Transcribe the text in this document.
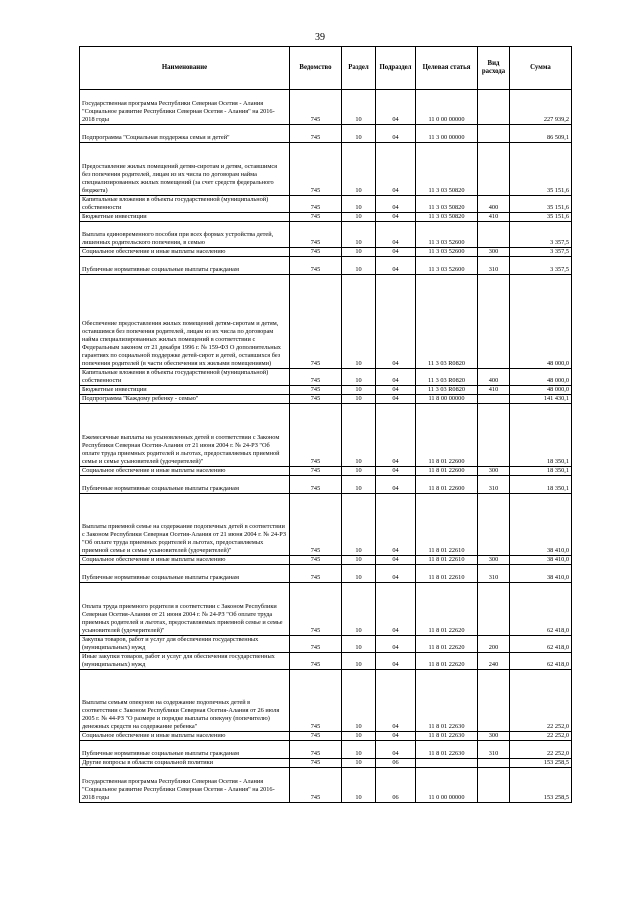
39
Наименование	Ведомство	Раздел	Подраздел	Целевая статья	Вид расхода	Сумма
Государственная программа Республики Северная Осетия - Алания "Социальное развитие Республики Северная Осетия - Алания" на 2016-2018 годы	745	10	04	11 0 00 00000		227 939,2
Подпрограмма "Социальная поддержка семьи и детей"	745	10	04	11 3 00 00000		86 509,1
Предоставление жилых помещений детям-сиротам и детям, оставшимся без попечения родителей, лицам из их числа по договорам найма специализированных жилых помещений (за счет средств федерального бюджета)	745	10	04	11 3 03 50820		35 151,6
Капитальные вложения в объекты государственной (муниципальной) собственности	745	10	04	11 3 03 50820	400	35 151,6
Бюджетные инвестиции	745	10	04	11 3 03 50820	410	35 151,6
Выплата единовременного пособия при всех формах устройства детей, лишенных родительского попечения, в семью	745	10	04	11 3 03 52600		3 357,5
Социальное обеспечение и иные выплаты населению	745	10	04	11 3 03 52600	300	3 357,5
Публичные нормативные социальные выплаты гражданам	745	10	04	11 3 03 52600	310	3 357,5
Обеспечение предоставления жилых помещений детям-сиротам и детям, оставшимся без попечения родителей, лицам из их числа по договорам найма специализированных жилых помещений в соответствии с Федеральным законом от 21 декабря 1996 г. № 159-ФЗ О дополнительных гарантиях по социальной поддержке детей-сирот и детей, оставшихся без попечения родителей (в части обеспечения их жилыми помещениями)	745	10	04	11 3 03 R0820		48 000,0
Капитальные вложения в объекты государственной (муниципальной) собственности	745	10	04	11 3 03 R0820	400	48 000,0
Бюджетные инвестиции	745	10	04	11 3 03 R0820	410	48 000,0
Подпрограмма "Каждому ребенку - семью"	745	10	04	11 8 00 00000		141 430,1
Ежемесячные выплаты на усыновленных детей в соответствии с Законом Республики Северная Осетия-Алания от 21 июня 2004 г. № 24-РЗ "Об оплате труда приемных родителей и льготах, предоставляемых приемной семье и семье усыновителей (удочерителей)"	745	10	04	11 8 01 22600		18 350,1
Социальное обеспечение и иные выплаты населению	745	10	04	11 8 01 22600	300	18 350,1
Публичные нормативные социальные выплаты гражданам	745	10	04	11 8 01 22600	310	18 350,1
Выплаты приемной семье на содержание подопечных детей в соответствии с Законом Республики Северная Осетия-Алания от 21 июня 2004 г. № 24-РЗ "Об оплате труда приемных родителей и льготах, предоставляемых приемной семье и семье усыновителей (удочерителей)"	745	10	04	11 8 01 22610		38 410,0
Социальное обеспечение и иные выплаты населению	745	10	04	11 8 01 22610	300	38 410,0
Публичные нормативные социальные выплаты гражданам	745	10	04	11 8 01 22610	310	38 410,0
Оплата труда приемного родителя в соответствии с Законом Республики Северная Осетия-Алания от 21 июня 2004 г. № 24-РЗ "Об оплате труда приемных родителей и льготах, предоставляемых приемной семье и семье усыновителей (удочерителей)"	745	10	04	11 8 01 22620		62 418,0
Закупка товаров, работ и услуг для обеспечения государственных (муниципальных) нужд	745	10	04	11 8 01 22620	200	62 418,0
Иные закупки товаров, работ и услуг для обеспечения государственных (муниципальных) нужд	745	10	04	11 8 01 22620	240	62 418,0
Выплаты семьям опекунов на содержание подопечных детей в соответствии с Законом Республики Северная Осетия-Алания от 26 июля 2005 г. № 44-РЗ "О размере и порядке выплаты опекуну (попечителю) денежных средств на содержание ребенка"	745	10	04	11 8 01 22630		22 252,0
Социальное обеспечение и иные выплаты населению	745	10	04	11 8 01 22630	300	22 252,0
Публичные нормативные социальные выплаты гражданам	745	10	04	11 8 01 22630	310	22 252,0
Другие вопросы в области социальной политики	745	10	06			153 258,5
Государственная программа Республики Северная Осетия - Алания "Социальное развитие Республики Северная Осетия - Алания" на 2016-2018 годы	745	10	06	11 0 00 00000		153 258,5
